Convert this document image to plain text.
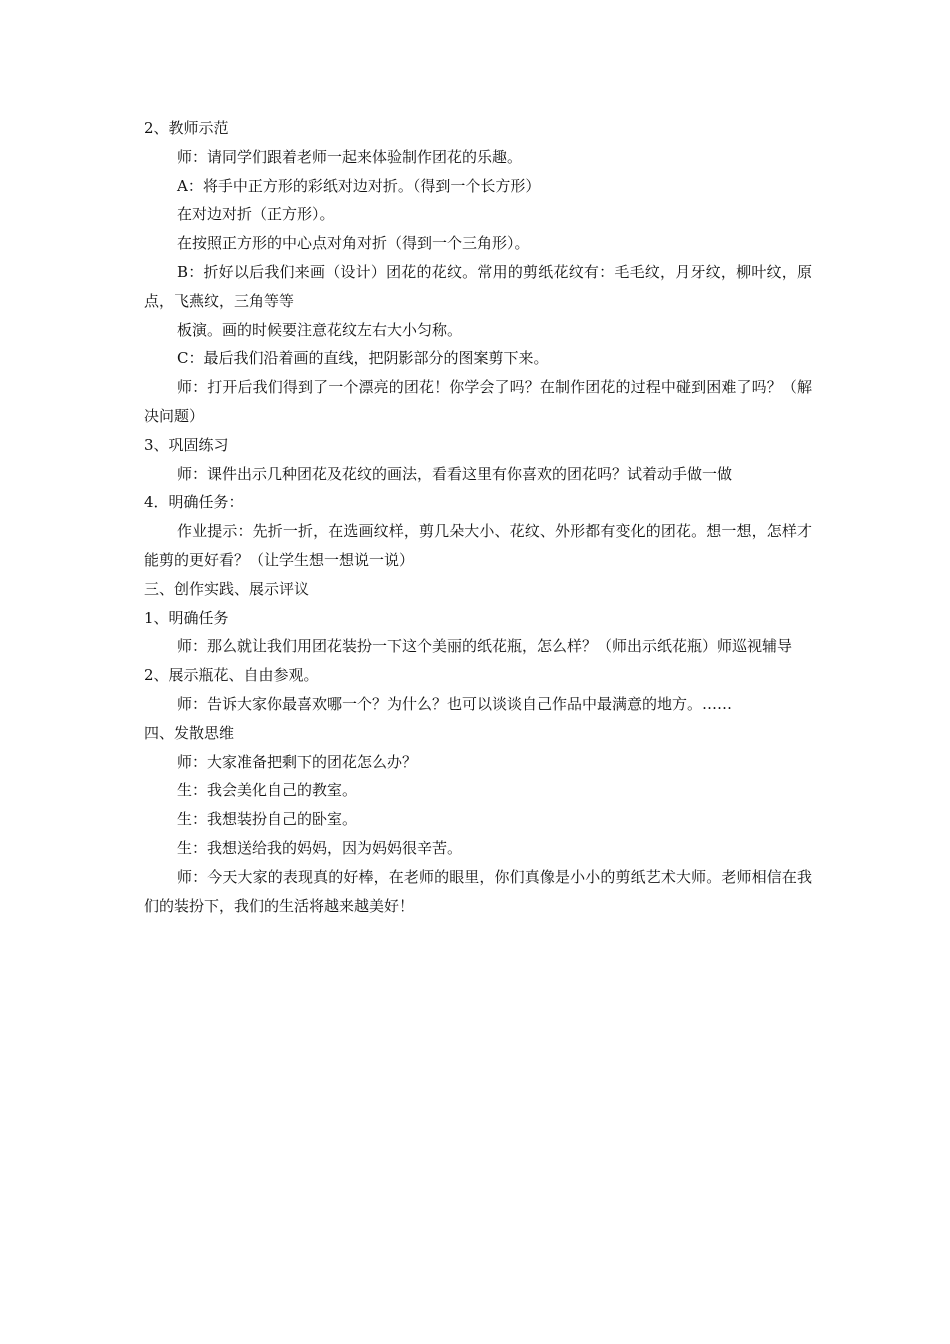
2、教师示范

师：请同学们跟着老师一起来体验制作团花的乐趣。

A：将手中正方形的彩纸对边对折。（得到一个长方形）

在对边对折（正方形）。

在按照正方形的中心点对角对折（得到一个三角形）。

B：折好以后我们来画（设计）团花的花纹。常用的剪纸花纹有：毛毛纹，月牙纹，柳叶纹，原点，飞燕纹，三角等等

板演。画的时候要注意花纹左右大小匀称。

C：最后我们沿着画的直线，把阴影部分的图案剪下来。

师：打开后我们得到了一个漂亮的团花！你学会了吗？在制作团花的过程中碰到困难了吗？（解决问题）

3、巩固练习

师：课件出示几种团花及花纹的画法，看看这里有你喜欢的团花吗？试着动手做一做

4．明确任务：

作业提示：先折一折，在选画纹样，剪几朵大小、花纹、外形都有变化的团花。想一想，怎样才能剪的更好看？（让学生想一想说一说）

三、创作实践、展示评议

1、明确任务

师：那么就让我们用团花装扮一下这个美丽的纸花瓶，怎么样？（师出示纸花瓶）师巡视辅导

2、展示瓶花、自由参观。

师：告诉大家你最喜欢哪一个？为什么？也可以谈谈自己作品中最满意的地方。……

四、发散思维

师：大家准备把剩下的团花怎么办？

生：我会美化自己的教室。

生：我想装扮自己的卧室。

生：我想送给我的妈妈，因为妈妈很辛苦。

师：今天大家的表现真的好棒，在老师的眼里，你们真像是小小的剪纸艺术大师。老师相信在我们的装扮下，我们的生活将越来越美好！
